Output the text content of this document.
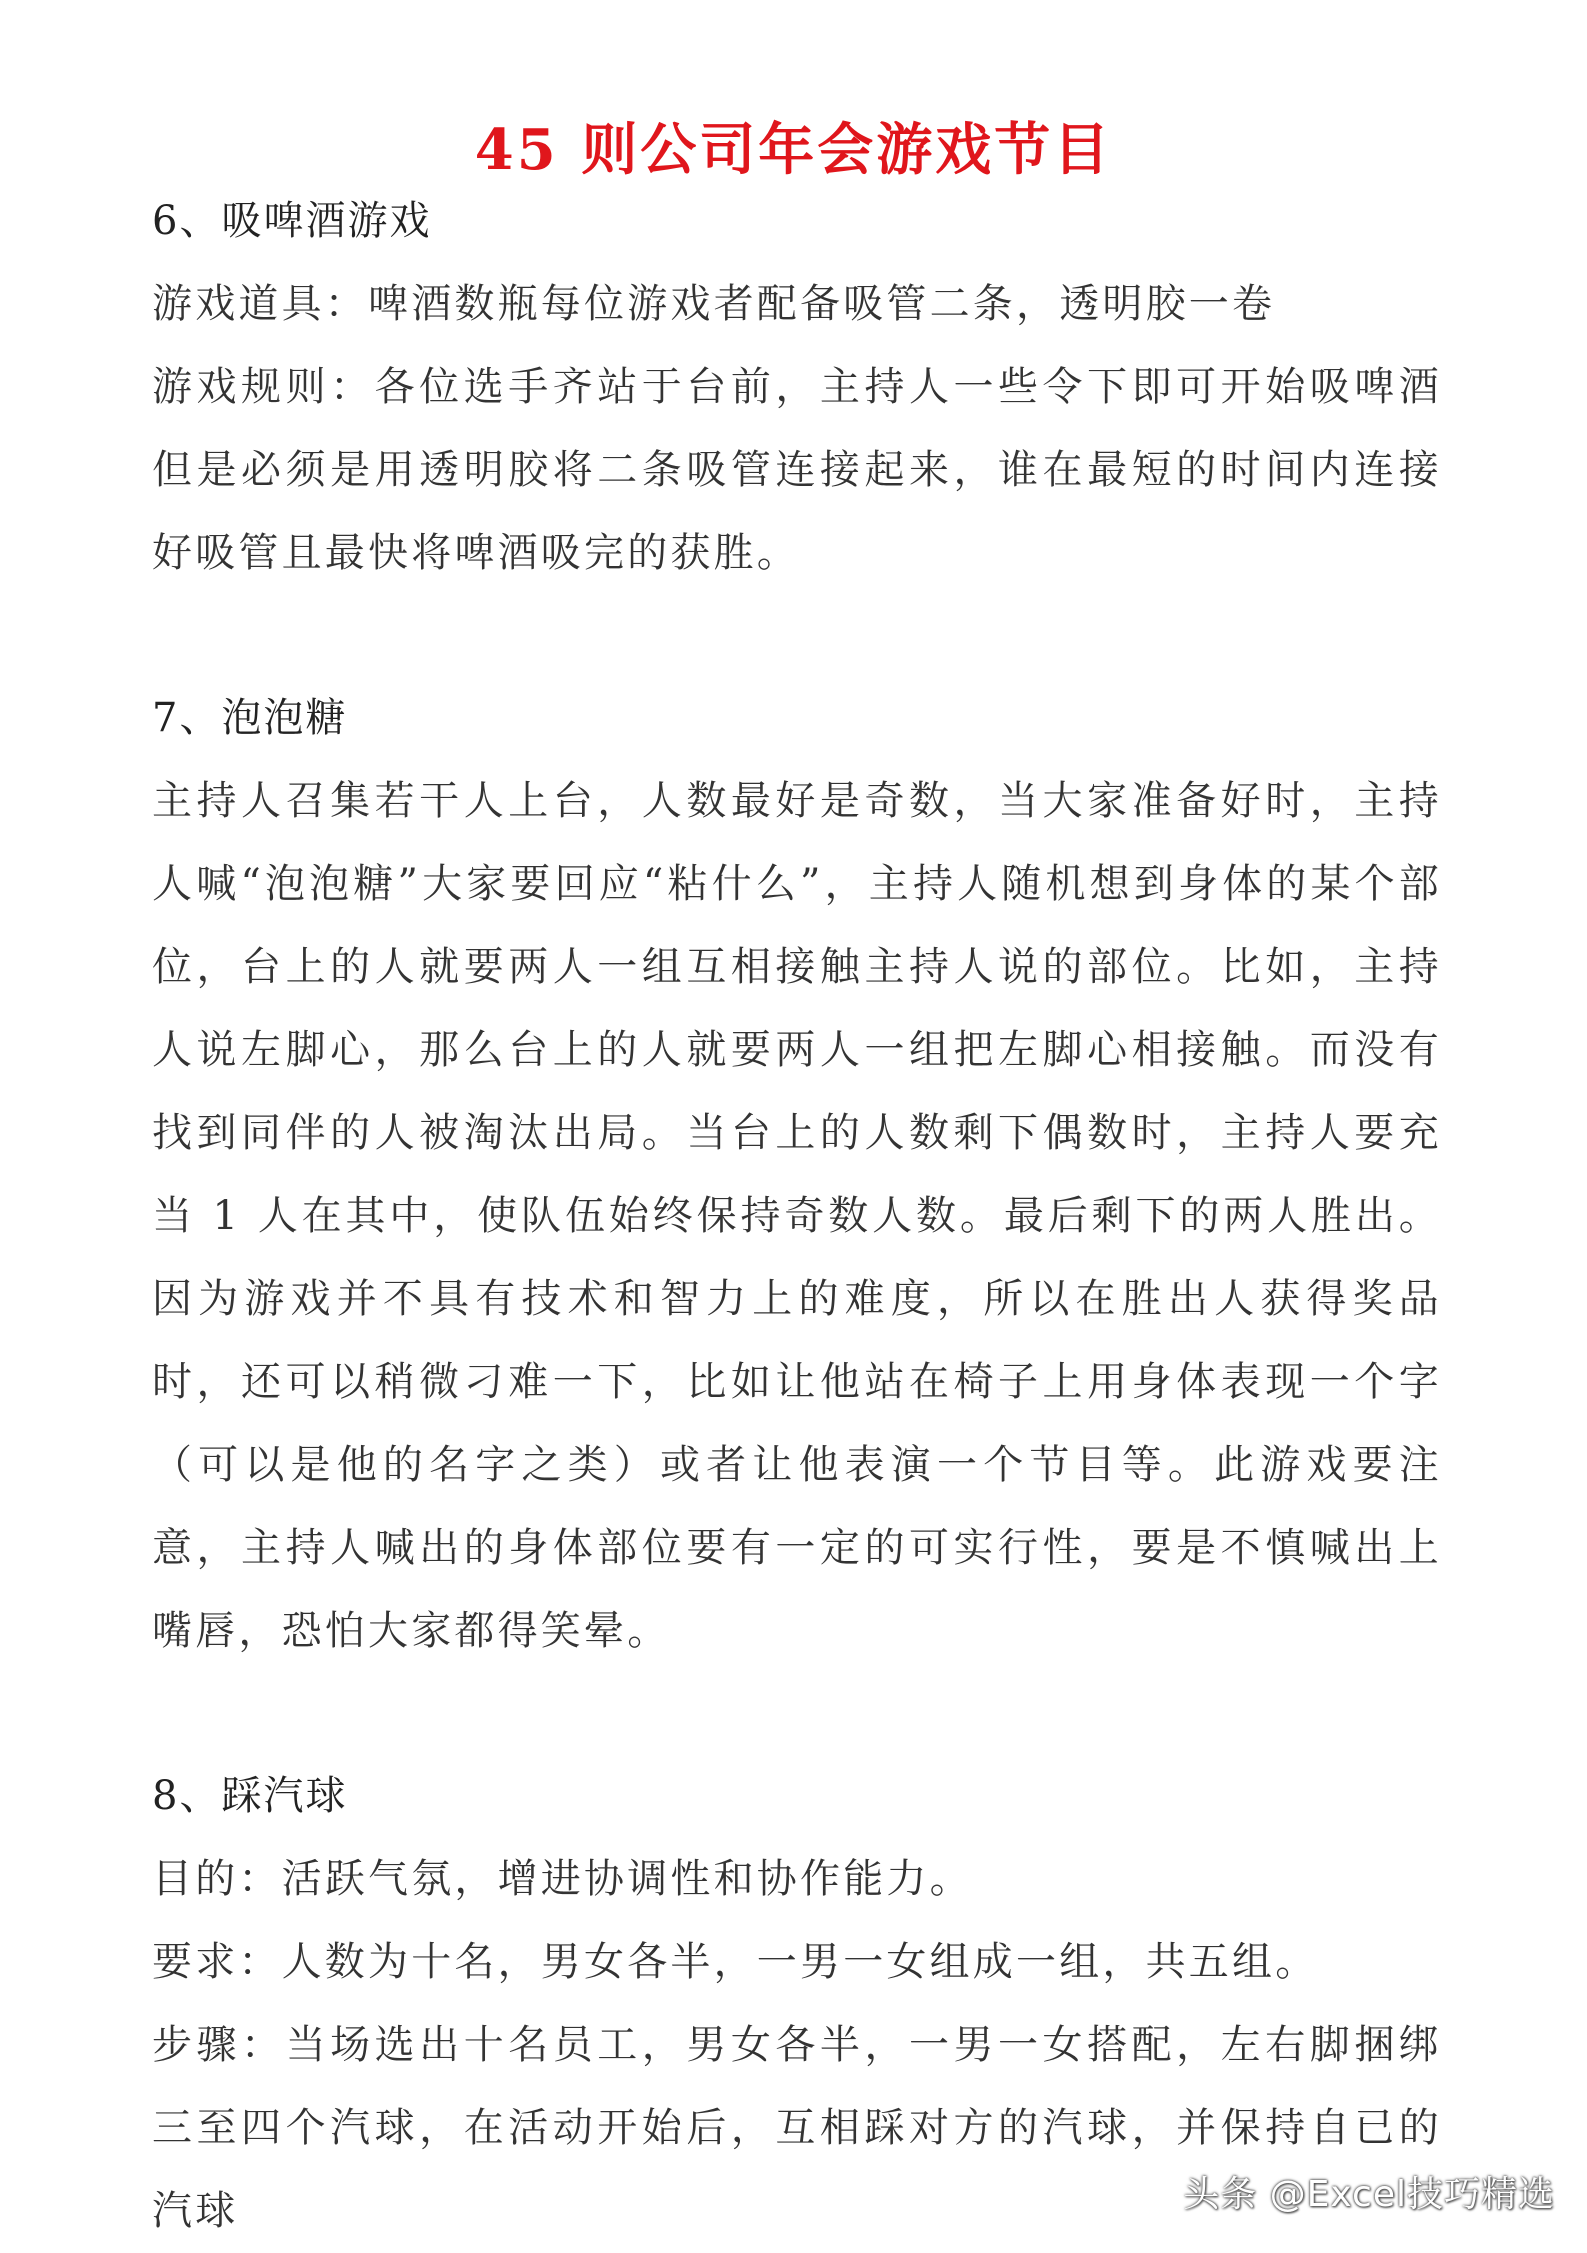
45 则公司年会游戏节目

6、吸啤酒游戏

游戏道具：啤酒数瓶每位游戏者配备吸管二条，透明胶一卷

游戏规则：各位选手齐站于台前，主持人一些令下即可开始吸啤酒但是必须是用透明胶将二条吸管连接起来，谁在最短的时间内连接好吸管且最快将啤酒吸完的获胜。

7、泡泡糖

主持人召集若干人上台，人数最好是奇数，当大家准备好时，主持人喊“泡泡糖”大家要回应“粘什么”，主持人随机想到身体的某个部位，台上的人就要两人一组互相接触主持人说的部位。比如，主持人说左脚心，那么台上的人就要两人一组把左脚心相接触。而没有找到同伴的人被淘汰出局。当台上的人数剩下偶数时，主持人要充当 1 人在其中，使队伍始终保持奇数人数。最后剩下的两人胜出。因为游戏并不具有技术和智力上的难度，所以在胜出人获得奖品时，还可以稍微刁难一下，比如让他站在椅子上用身体表现一个字（可以是他的名字之类）或者让他表演一个节目等。此游戏要注意，主持人喊出的身体部位要有一定的可实行性，要是不慎喊出上嘴唇，恐怕大家都得笑晕。

8、踩汽球

目的：活跃气氛，增进协调性和协作能力。

要求：人数为十名，男女各半，一男一女组成一组，共五组。

步骤：当场选出十名员工，男女各半，一男一女搭配，左右脚捆绑三至四个汽球，在活动开始后，互相踩对方的汽球，并保持自已的汽球	头条 @Excel技巧精选
